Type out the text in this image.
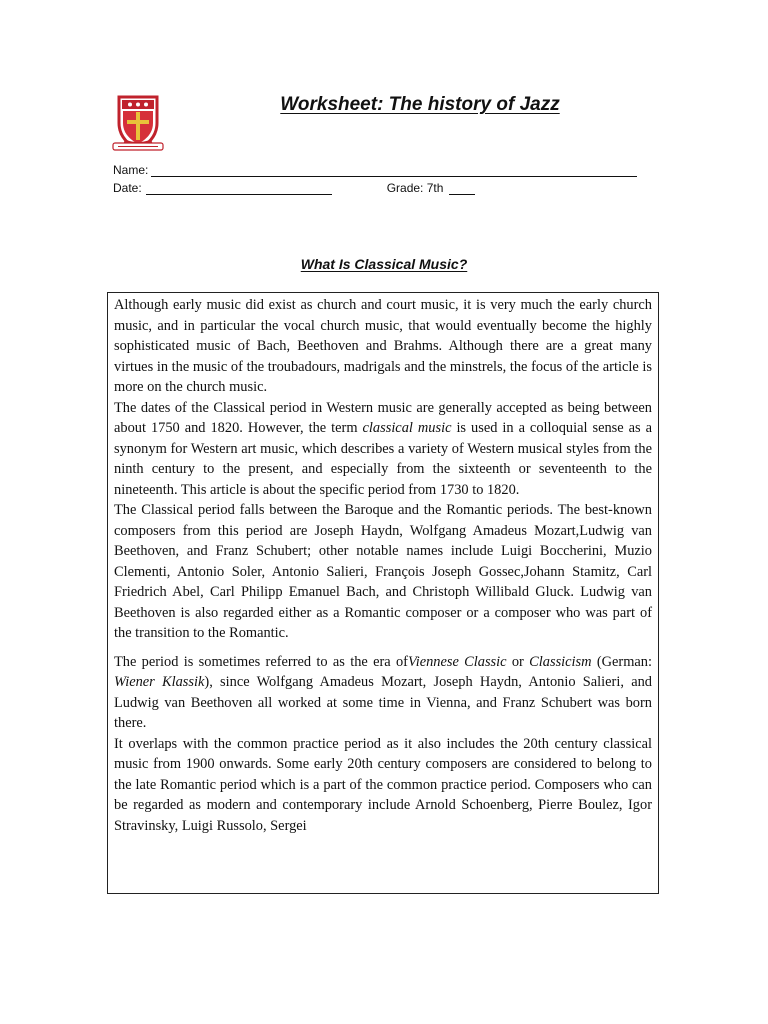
Worksheet: The history of Jazz
Name:
Date:	Grade: 7th
What Is Classical Music?

Although early music did exist as church and court music, it is very much the early church music, and in particular the vocal church music, that would eventually become the highly sophisticated music of Bach, Beethoven and Brahms. Although there are a great many virtues in the music of the troubadours, madrigals and the minstrels, the focus of the article is more on the church music.

The dates of the Classical period in Western music are generally accepted as being between about 1750 and 1820. However, the term classical music is used in a colloquial sense as a synonym for Western art music, which describes a variety of Western musical styles from the ninth century to the present, and especially from the sixteenth or seventeenth to the nineteenth. This article is about the specific period from 1730 to 1820.

The Classical period falls between the Baroque and the Romantic periods. The best-known composers from this period are Joseph Haydn, Wolfgang Amadeus Mozart,Ludwig van Beethoven, and Franz Schubert; other notable names include Luigi Boccherini, Muzio Clementi, Antonio Soler, Antonio Salieri, François Joseph Gossec,Johann Stamitz, Carl Friedrich Abel, Carl Philipp Emanuel Bach, and Christoph Willibald Gluck. Ludwig van Beethoven is also regarded either as a Romantic composer or a composer who was part of the transition to the Romantic.

The period is sometimes referred to as the era ofViennese Classic or Classicism (German: Wiener Klassik), since Wolfgang Amadeus Mozart, Joseph Haydn, Antonio Salieri, and Ludwig van Beethoven all worked at some time in Vienna, and Franz Schubert was born there.

It overlaps with the common practice period as it also includes the 20th century classical music from 1900 onwards. Some early 20th century composers are considered to belong to the late Romantic period which is a part of the common practice period. Composers who can be regarded as modern and contemporary include Arnold Schoenberg, Pierre Boulez, Igor Stravinsky, Luigi Russolo, Sergei
